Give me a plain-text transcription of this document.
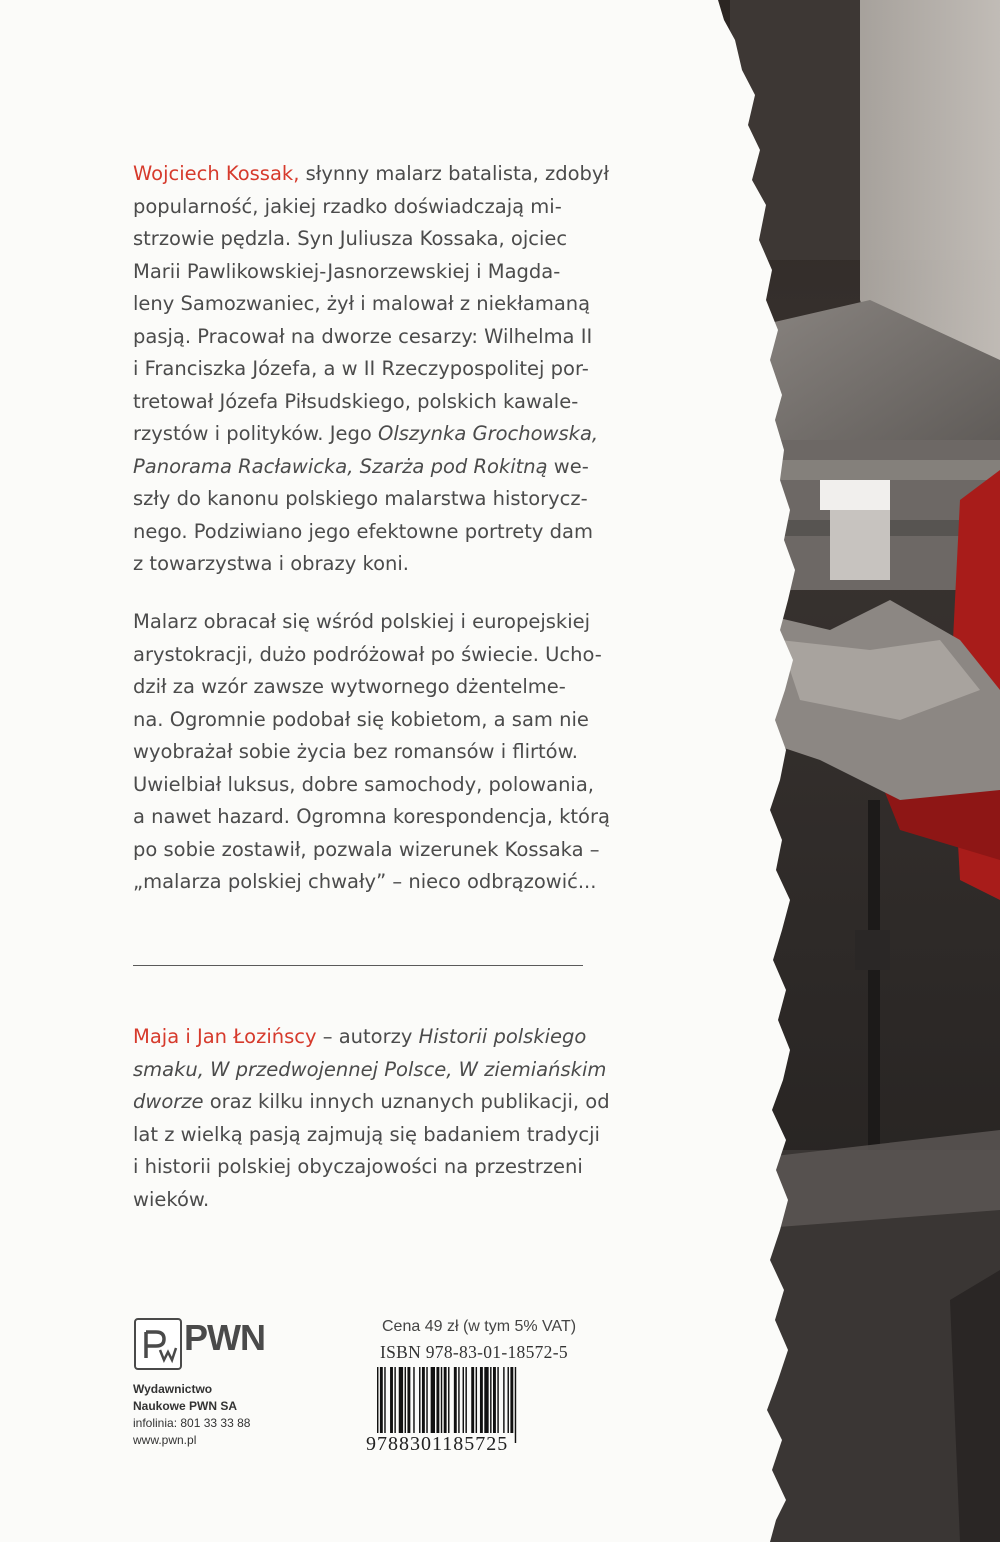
Wojciech Kossak, słynny malarz batalista, zdobył
popularność, jakiej rzadko doświadczają mi-
strzowie pędzla. Syn Juliusza Kossaka, ojciec
Marii Pawlikowskiej-Jasnorzewskiej i Magda-
leny Samozwaniec, żył i malował z niekłamaną
pasją. Pracował na dworze cesarzy: Wilhelma II
i Franciszka Józefa, a w II Rzeczypospolitej por-
tretował Józefa Piłsudskiego, polskich kawale-
rzystów i polityków. Jego Olszynka Grochowska,
Panorama Racławicka, Szarża pod Rokitną we-
szły do kanonu polskiego malarstwa historycz-
nego. Podziwiano jego efektowne portrety dam
z towarzystwa i obrazy koni.
Malarz obracał się wśród polskiej i europejskiej
arystokracji, dużo podróżował po świecie. Ucho-
dził za wzór zawsze wytwornego dżentelme-
na. Ogromnie podobał się kobietom, a sam nie
wyobrażał sobie życia bez romansów i flirtów.
Uwielbiał luksus, dobre samochody, polowania,
a nawet hazard. Ogromna korespondencja, którą
po sobie zostawił, pozwala wizerunek Kossaka –
„malarza polskiej chwały” – nieco odbrązowić...
Maja i Jan Łozińscy – autorzy Historii polskiego
smaku, W przedwojennej Polsce, W ziemiańskim
dworze oraz kilku innych uznanych publikacji, od
lat z wielką pasją zajmują się badaniem tradycji
i historii polskiej obyczajowości na przestrzeni
wieków.
PWN
Wydawnictwo
Naukowe PWN SA
infolinia: 801 33 33 88
www.pwn.pl
Cena 49 zł (w tym 5% VAT)
ISBN 978-83-01-18572-5
9788301185725
